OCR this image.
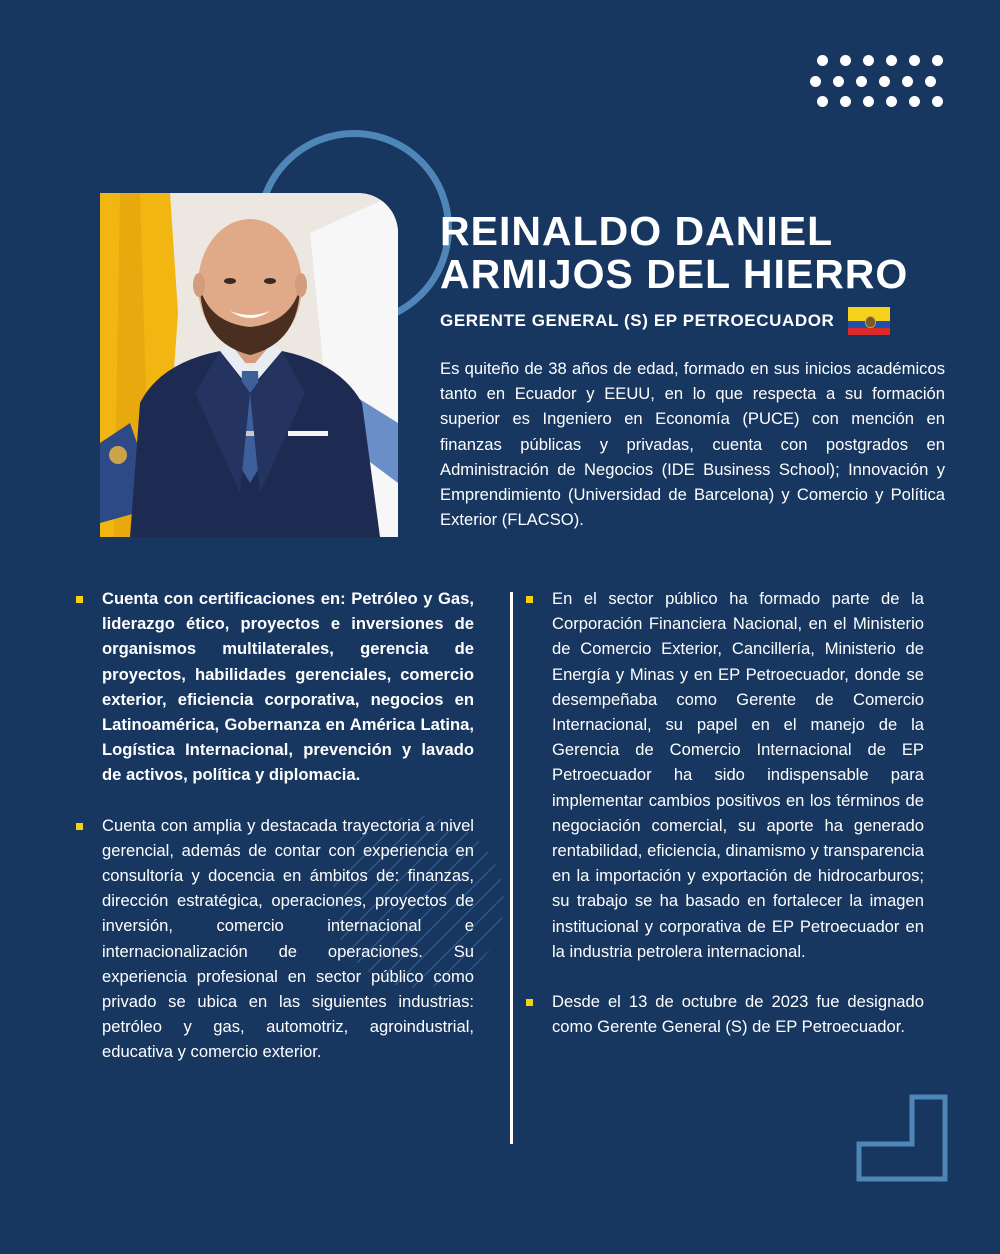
REINALDO DANIEL
ARMIJOS DEL HIERRO
GERENTE GENERAL (S) EP PETROECUADOR

Es quiteño de 38 años de edad, formado en sus inicios académicos tanto en Ecuador y EEUU, en lo que respecta a su formación superior es Ingeniero en Economía (PUCE) con mención en finanzas públicas y privadas, cuenta con postgrados en Administración de Negocios (IDE Business School); Innovación y Emprendimiento (Universidad de Barcelona) y Comercio y Política Exterior (FLACSO).

Cuenta con certificaciones en: Petróleo y Gas, liderazgo ético, proyectos e inversiones de organismos multilaterales, gerencia de proyectos, habilidades gerenciales, comercio exterior, eficiencia corporativa, negocios en Latinoamérica, Gobernanza en América Latina, Logística Internacional, prevención y lavado de activos, política y diplomacia.
Cuenta con amplia y destacada trayectoria a nivel gerencial, además de contar con experiencia en consultoría y docencia en ámbitos de: finanzas, dirección estratégica, operaciones, proyectos de inversión, comercio internacional e internacionalización de operaciones. Su experiencia profesional en sector público como privado se ubica en las siguientes industrias: petróleo y gas, automotriz, agroindustrial, educativa y comercio exterior.
En el sector público ha formado parte de la Corporación Financiera Nacional, en el Ministerio de Comercio Exterior, Cancillería, Ministerio de Energía y Minas y en EP Petroecuador, donde se desempeñaba como Gerente de Comercio Internacional, su papel en el manejo de la Gerencia de Comercio Internacional de EP Petroecuador ha sido indispensable para implementar cambios positivos en los términos de negociación comercial, su aporte ha generado rentabilidad, eficiencia, dinamismo y transparencia en la importación y exportación de hidrocarburos; su trabajo se ha basado en fortalecer la imagen institucional y corporativa de EP Petroecuador en la industria petrolera internacional.
Desde el 13 de octubre de 2023 fue designado como Gerente General (S) de EP Petroecuador.
